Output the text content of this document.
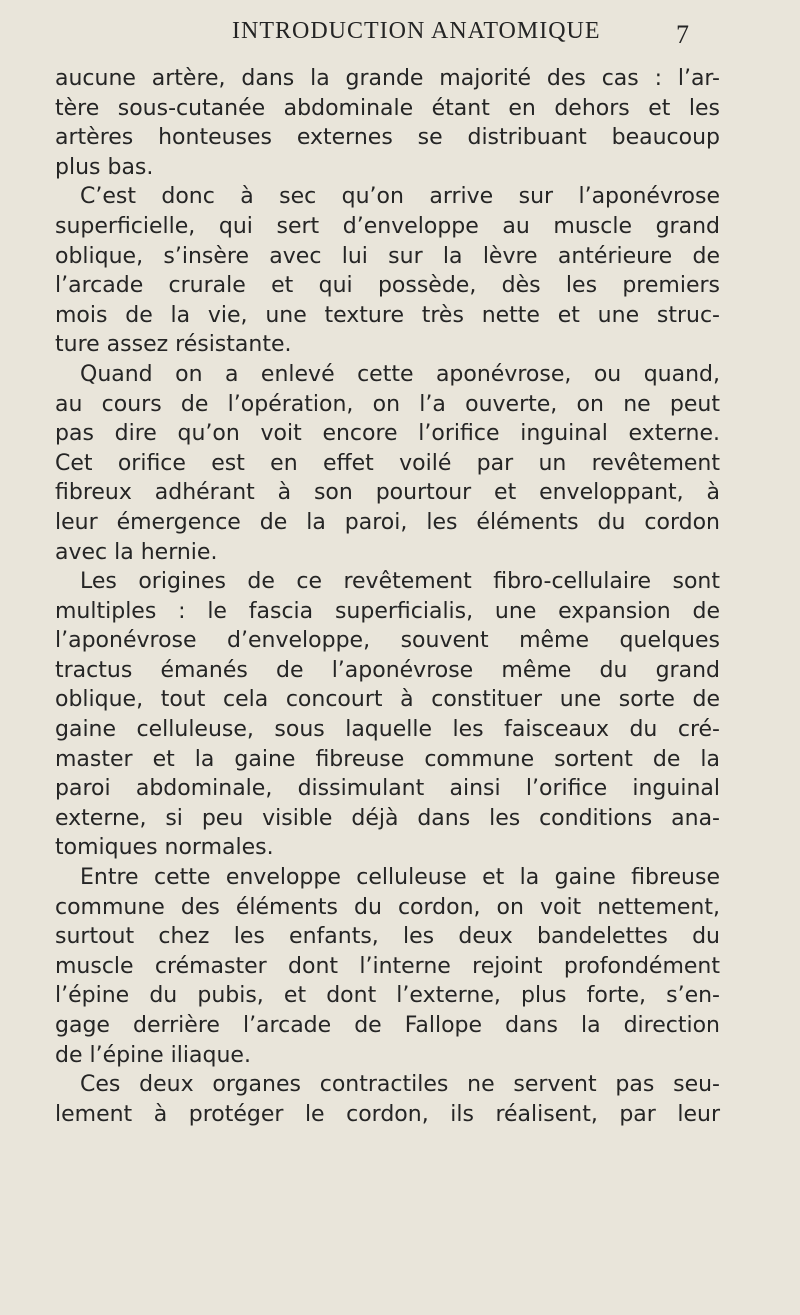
INTRODUCTION ANATOMIQUE	7

aucune artère, dans la grande majorité des cas : l’ar-
tère sous-cutanée abdominale étant en dehors et les
artères honteuses externes se distribuant beaucoup
plus bas.

C’est donc à sec qu’on arrive sur l’aponévrose
superficielle, qui sert d’enveloppe au muscle grand
oblique, s’insère avec lui sur la lèvre antérieure de
l’arcade crurale et qui possède, dès les premiers
mois de la vie, une texture très nette et une struc-
ture assez résistante.

Quand on a enlevé cette aponévrose, ou quand,
au cours de l’opération, on l’a ouverte, on ne peut
pas dire qu’on voit encore l’orifice inguinal externe.
Cet orifice est en effet voilé par un revêtement
fibreux adhérant à son pourtour et enveloppant, à
leur émergence de la paroi, les éléments du cordon
avec la hernie.

Les origines de ce revêtement fibro-cellulaire sont
multiples : le fascia superficialis, une expansion de
l’aponévrose d’enveloppe, souvent même quelques
tractus émanés de l’aponévrose même du grand
oblique, tout cela concourt à constituer une sorte de
gaine celluleuse, sous laquelle les faisceaux du cré-
master et la gaine fibreuse commune sortent de la
paroi abdominale, dissimulant ainsi l’orifice inguinal
externe, si peu visible déjà dans les conditions ana-
tomiques normales.

Entre cette enveloppe celluleuse et la gaine fibreuse
commune des éléments du cordon, on voit nettement,
surtout chez les enfants, les deux bandelettes du
muscle crémaster dont l’interne rejoint profondément
l’épine du pubis, et dont l’externe, plus forte, s’en-
gage derrière l’arcade de Fallope dans la direction
de l’épine iliaque.

Ces deux organes contractiles ne servent pas seu-
lement à protéger le cordon, ils réalisent, par leur
